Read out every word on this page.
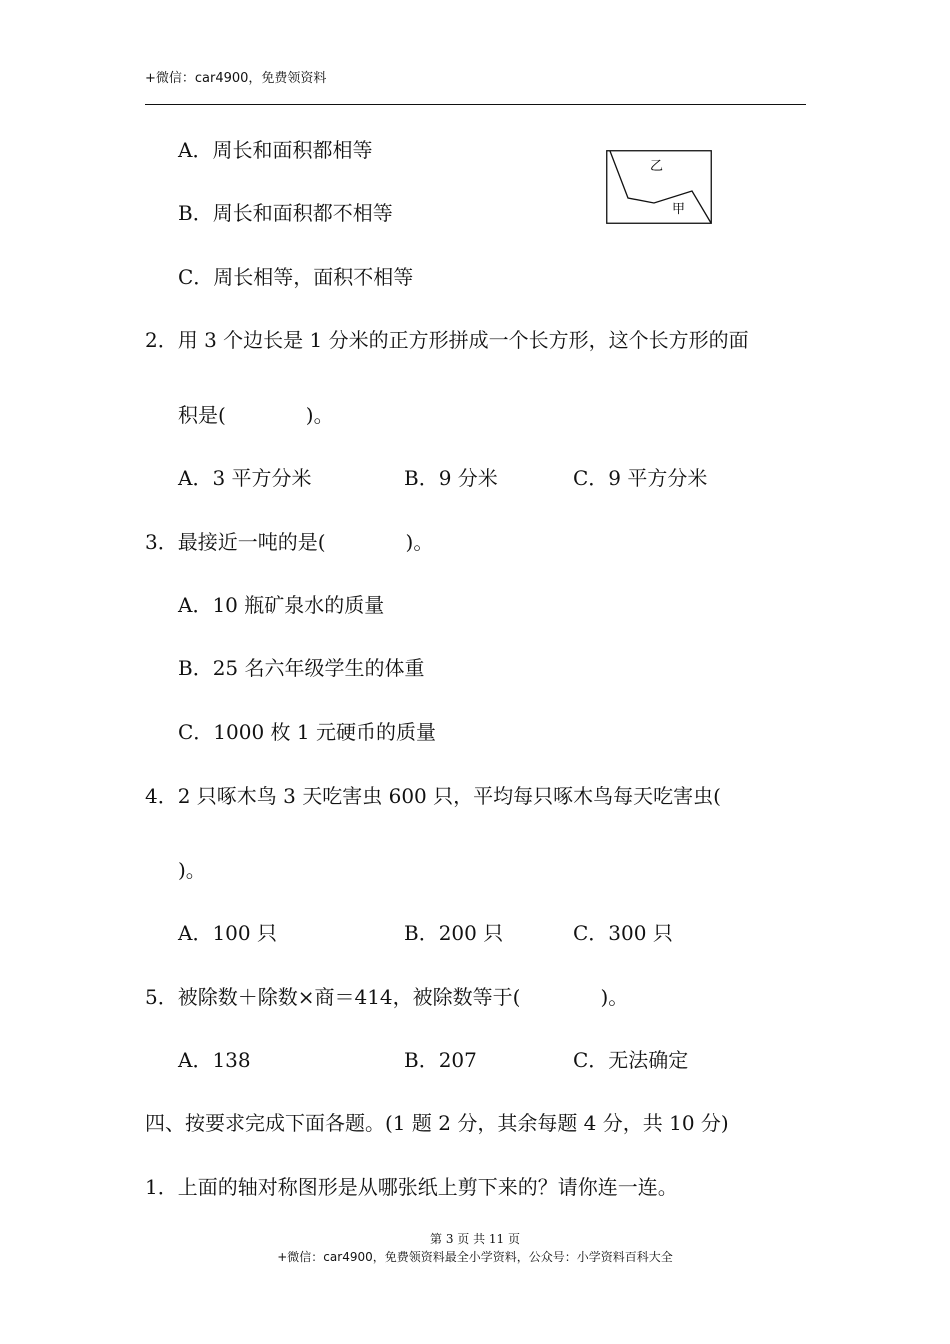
+微信：car4900，免费领资料
A．周长和面积都相等
B．周长和面积都不相等
C．周长相等，面积不相等
乙
甲
2．用 3 个边长是 1 分米的正方形拼成一个长方形，这个长方形的面
积是(　　　　)。
A．3 平方分米	B．9 分米	C．9 平方分米
3．最接近一吨的是(　　　　)。
A．10 瓶矿泉水的质量
B．25 名六年级学生的体重
C．1000 枚 1 元硬币的质量
4．2 只啄木鸟 3 天吃害虫 600 只，平均每只啄木鸟每天吃害虫(
)。
A．100 只	B．200 只	C．300 只
5．被除数＋除数×商＝414，被除数等于(　　　　)。
A．138	B．207	C．无法确定
四、按要求完成下面各题。(1 题 2 分，其余每题 4 分，共 10 分)
1．上面的轴对称图形是从哪张纸上剪下来的？请你连一连。
第 3 页 共 11 页
+微信：car4900，免费领资料最全小学资料，公众号：小学资料百科大全
